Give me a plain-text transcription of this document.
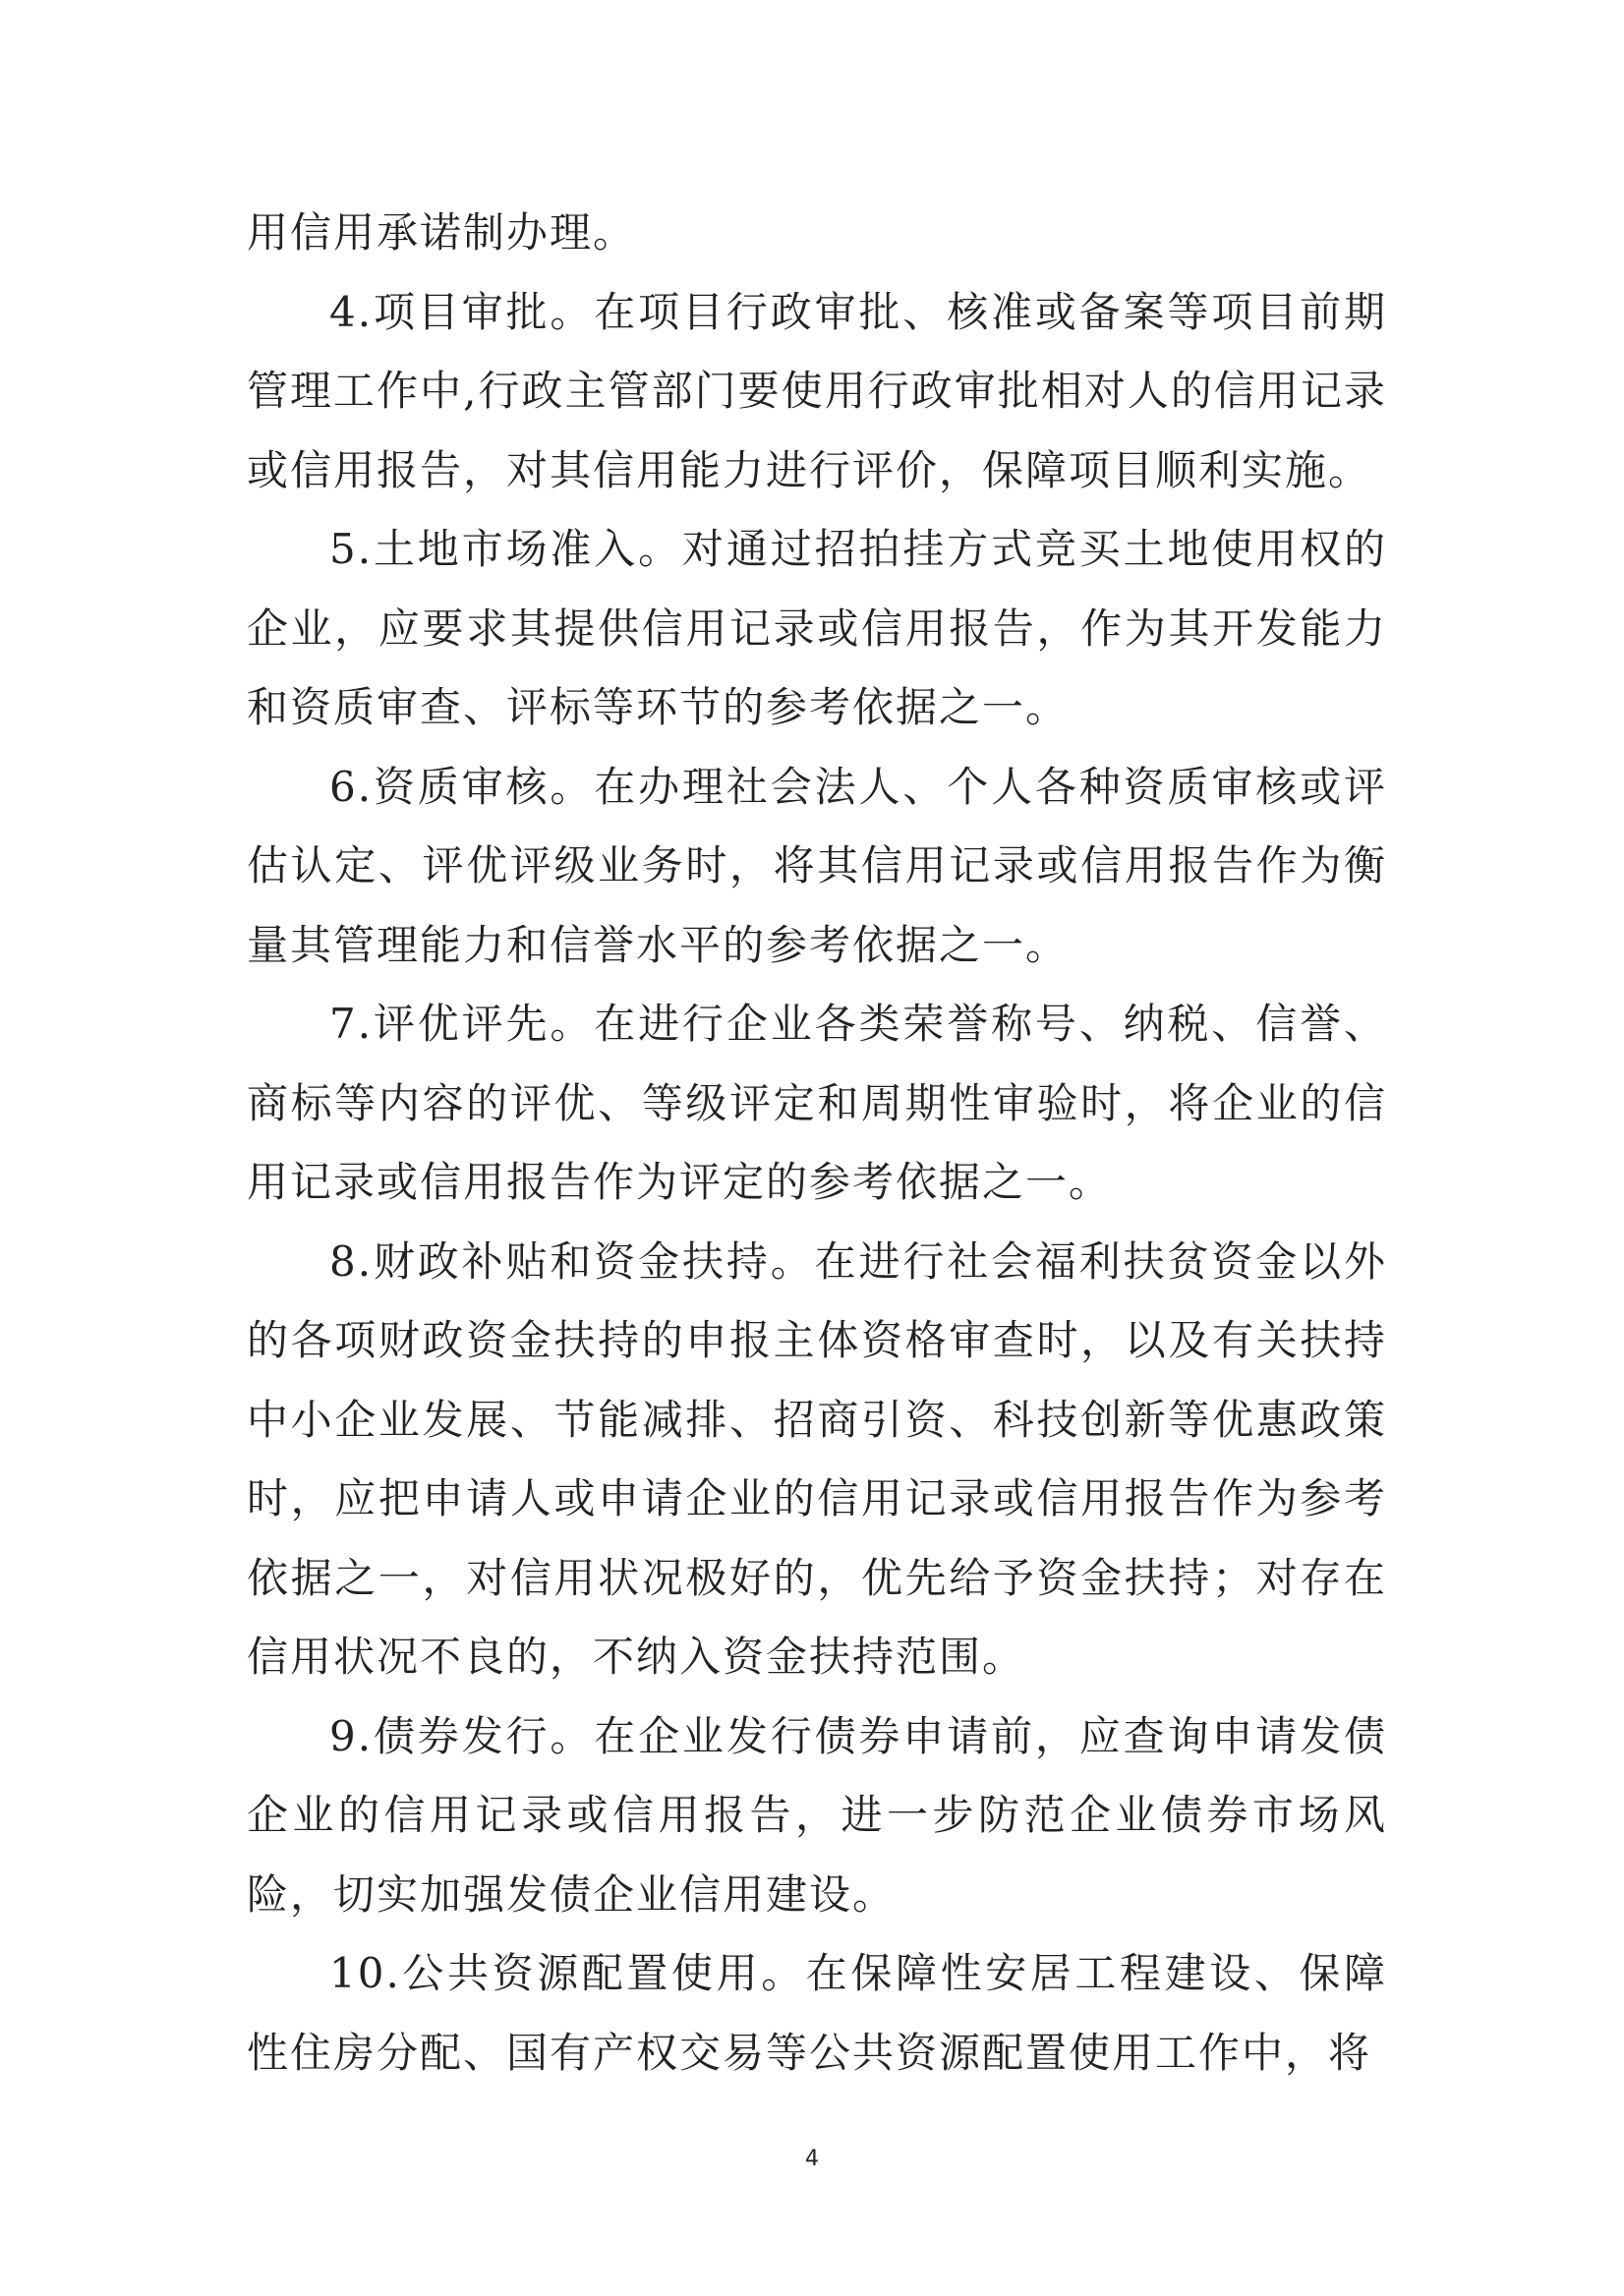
用信用承诺制办理。

4.项目审批。在项目行政审批、核准或备案等项目前期管理工作中,行政主管部门要使用行政审批相对人的信用记录或信用报告，对其信用能力进行评价，保障项目顺利实施。

5.土地市场准入。对通过招拍挂方式竞买土地使用权的企业，应要求其提供信用记录或信用报告，作为其开发能力和资质审查、评标等环节的参考依据之一。

6.资质审核。在办理社会法人、个人各种资质审核或评估认定、评优评级业务时，将其信用记录或信用报告作为衡量其管理能力和信誉水平的参考依据之一。

7.评优评先。在进行企业各类荣誉称号、纳税、信誉、商标等内容的评优、等级评定和周期性审验时，将企业的信用记录或信用报告作为评定的参考依据之一。

8.财政补贴和资金扶持。在进行社会福利扶贫资金以外的各项财政资金扶持的申报主体资格审查时，以及有关扶持中小企业发展、节能减排、招商引资、科技创新等优惠政策时，应把申请人或申请企业的信用记录或信用报告作为参考依据之一，对信用状况极好的，优先给予资金扶持；对存在信用状况不良的，不纳入资金扶持范围。

9.债券发行。在企业发行债券申请前，应查询申请发债企业的信用记录或信用报告，进一步防范企业债券市场风险，切实加强发债企业信用建设。

10.公共资源配置使用。在保障性安居工程建设、保障性住房分配、国有产权交易等公共资源配置使用工作中，将

4
